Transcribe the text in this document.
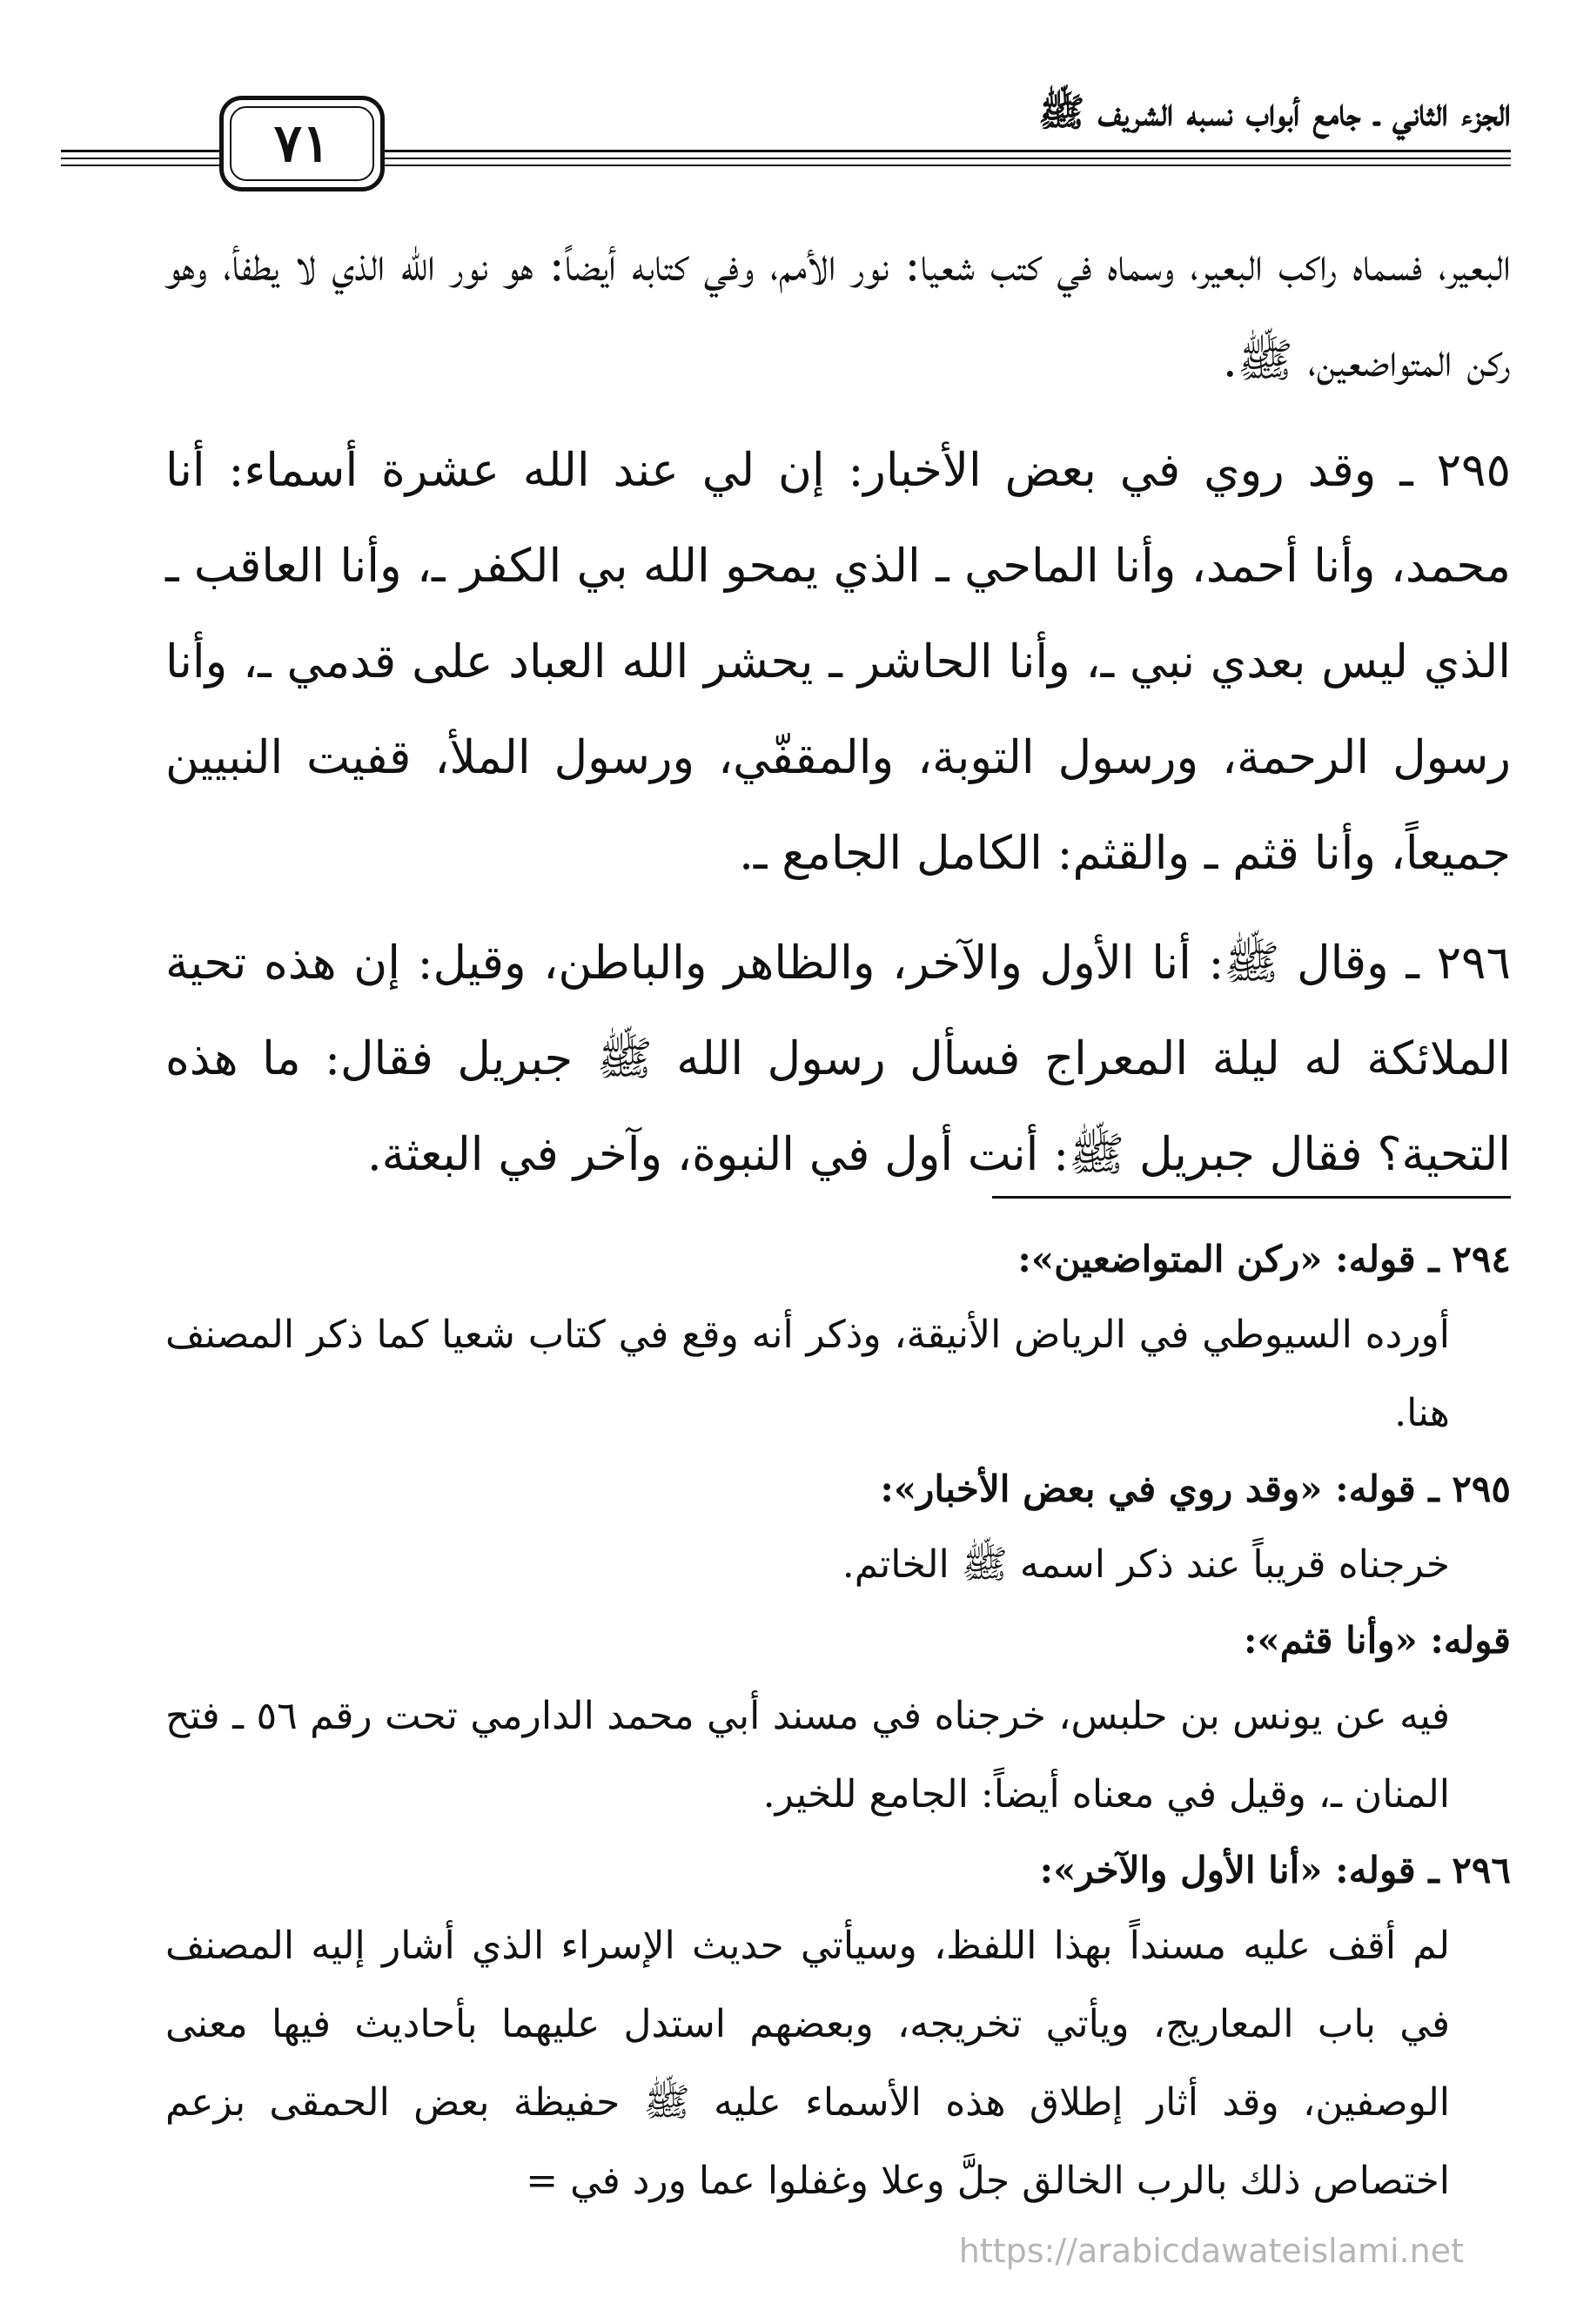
الجزء الثاني ـ جامع أبواب نسبه الشريف ﷺ
٧١

البعير، فسماه راكب البعير، وسماه في كتب شعيا: نور الأمم، وفي كتابه أيضاً: هو نور الله الذي لا يطفأ، وهو ركن المتواضعين، ﷺ.

٢٩٥ ـ وقد روي في بعض الأخبار: إن لي عند الله عشرة أسماء: أنا محمد، وأنا أحمد، وأنا الماحي ـ الذي يمحو الله بي الكفر ـ، وأنا العاقب ـ الذي ليس بعدي نبي ـ، وأنا الحاشر ـ يحشر الله العباد على قدمي ـ، وأنا رسول الرحمة، ورسول التوبة، والمقفّي، ورسول الملأ، قفيت النبيين جميعاً، وأنا قثم ـ والقثم: الكامل الجامع ـ.

٢٩٦ ـ وقال ﷺ: أنا الأول والآخر، والظاهر والباطن، وقيل: إن هذه تحية الملائكة له ليلة المعراج فسأل رسول الله ﷺ جبريل فقال: ما هذه التحية؟ فقال جبريل ﷺ: أنت أول في النبوة، وآخر في البعثة.

٢٩٤ ـ قوله: «ركن المتواضعين»:

أورده السيوطي في الرياض الأنيقة، وذكر أنه وقع في كتاب شعيا كما ذكر المصنف هنا.

٢٩٥ ـ قوله: «وقد روي في بعض الأخبار»:

خرجناه قريباً عند ذكر اسمه ﷺ الخاتم.

قوله: «وأنا قثم»:

فيه عن يونس بن حلبس، خرجناه في مسند أبي محمد الدارمي تحت رقم ٥٦ ـ فتح المنان ـ، وقيل في معناه أيضاً: الجامع للخير.

٢٩٦ ـ قوله: «أنا الأول والآخر»:

لم أقف عليه مسنداً بهذا اللفظ، وسيأتي حديث الإسراء الذي أشار إليه المصنف في باب المعاريج، ويأتي تخريجه، وبعضهم استدل عليهما بأحاديث فيها معنى الوصفين، وقد أثار إطلاق هذه الأسماء عليه ﷺ حفيظة بعض الحمقى بزعم اختصاص ذلك بالرب الخالق جلَّ وعلا وغفلوا عما ورد في =

https://arabicdawateislami.net
